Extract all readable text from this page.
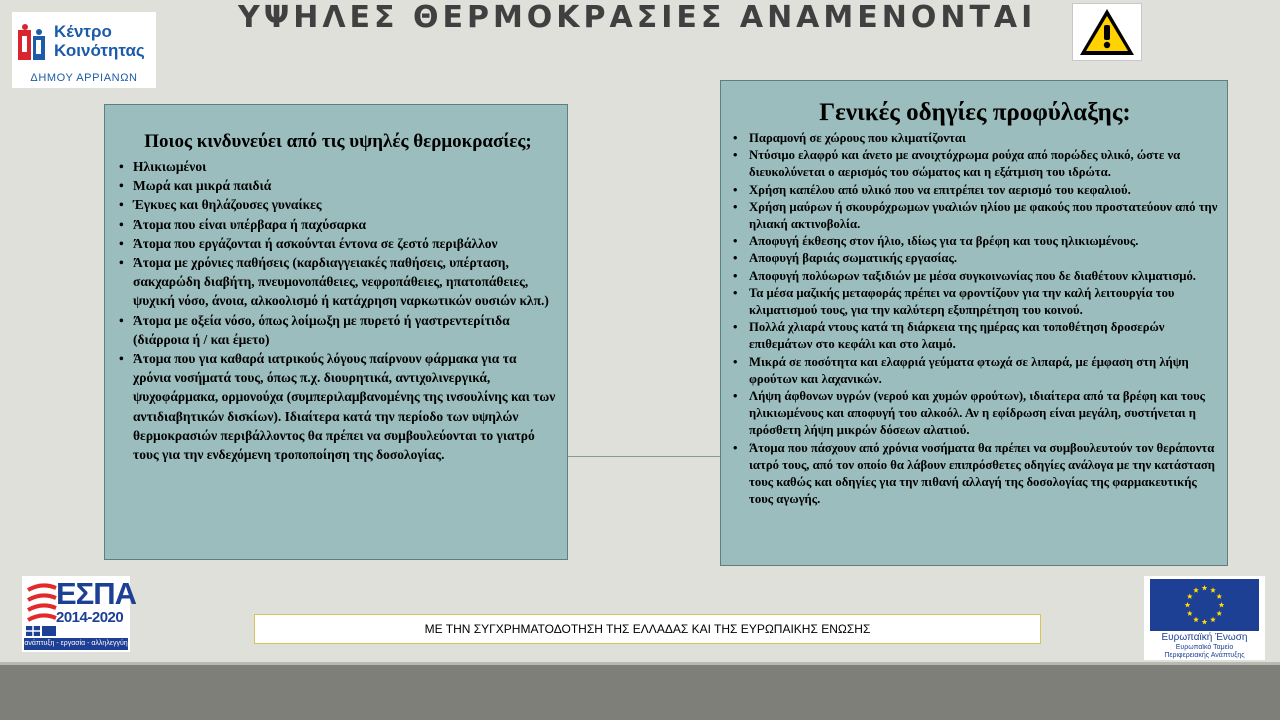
Κέντρο
Κοινότητας
ΔΗΜΟΥ ΑΡΡΙΑΝΩΝ
ΥΨΗΛΕΣ ΘΕΡΜΟΚΡΑΣΙΕΣ ΑΝΑΜΕΝΟΝΤΑΙ
Ποιος κινδυνεύει από τις υψηλές θερμοκρασίες;
• Ηλικιωμένοι
• Μωρά και μικρά παιδιά
• Έγκυες και θηλάζουσες γυναίκες
• Άτομα που είναι υπέρβαρα ή παχύσαρκα
• Άτομα που εργάζονται ή ασκούνται έντονα σε ζεστό περιβάλλον
• Άτομα με χρόνιες παθήσεις (καρδιαγγειακές παθήσεις, υπέρταση, σακχαρώδη διαβήτη, πνευμονοπάθειες, νεφροπάθειες, ηπατοπάθειες, ψυχική νόσο, άνοια, αλκοολισμό ή κατάχρηση ναρκωτικών ουσιών κλπ.)
• Άτομα με οξεία νόσο, όπως λοίμωξη με πυρετό ή γαστρεντερίτιδα (διάρροια ή / και έμετο)
• Άτομα που για καθαρά ιατρικούς λόγους παίρνουν φάρμακα για τα χρόνια νοσήματά τους, όπως π.χ. διουρητικά, αντιχολινεργικά, ψυχοφάρμακα, ορμονούχα (συμπεριλαμβανομένης της ινσουλίνης και των αντιδιαβητικών δισκίων). Ιδιαίτερα κατά την περίοδο των υψηλών θερμοκρασιών περιβάλλοντος θα πρέπει να συμβουλεύονται το γιατρό τους για την ενδεχόμενη τροποποίηση της δοσολογίας.
Γενικές οδηγίες προφύλαξης:
• Παραμονή σε χώρους που κλιματίζονται
• Ντύσιμο ελαφρύ και άνετο με ανοιχτόχρωμα ρούχα από πορώδες υλικό, ώστε να διευκολύνεται ο αερισμός του σώματος και η εξάτμιση του ιδρώτα.
• Χρήση καπέλου από υλικό που να επιτρέπει τον αερισμό του κεφαλιού.
• Χρήση μαύρων ή σκουρόχρωμων γυαλιών ηλίου με φακούς που προστατεύουν από την ηλιακή ακτινοβολία.
• Αποφυγή έκθεσης στον ήλιο, ιδίως για τα βρέφη και τους ηλικιωμένους.
• Αποφυγή βαριάς σωματικής εργασίας.
• Αποφυγή πολύωρων ταξιδιών με μέσα συγκοινωνίας που δε διαθέτουν κλιματισμό.
• Τα μέσα μαζικής μεταφοράς πρέπει να φροντίζουν για την καλή λειτουργία του κλιματισμού τους, για την καλύτερη εξυπηρέτηση του κοινού.
• Πολλά χλιαρά ντους κατά τη διάρκεια της ημέρας και τοποθέτηση δροσερών επιθεμάτων στο κεφάλι και στο λαιμό.
• Μικρά σε ποσότητα και ελαφριά γεύματα φτωχά σε λιπαρά, με έμφαση στη λήψη φρούτων και λαχανικών.
• Λήψη άφθονων υγρών (νερού και χυμών φρούτων), ιδιαίτερα από τα βρέφη και τους ηλικιωμένους και αποφυγή του αλκοόλ. Αν η εφίδρωση είναι μεγάλη, συστήνεται η πρόσθετη λήψη μικρών δόσεων αλατιού.
• Άτομα που πάσχουν από χρόνια νοσήματα θα πρέπει να συμβουλευτούν τον θεράποντα ιατρό τους, από τον οποίο θα λάβουν επιπρόσθετες οδηγίες ανάλογα με την κατάσταση τους καθώς και οδηγίες για την πιθανή αλλαγή της δοσολογίας της φαρμακευτικής τους αγωγής.
ΕΣΠΑ
2014-2020
ανάπτυξη - εργασία - αλληλεγγύη
ΜΕ ΤΗΝ ΣΥΓΧΡΗΜΑΤΟΔΟΤΗΣΗ ΤΗΣ ΕΛΛΑΔΑΣ ΚΑΙ ΤΗΣ ΕΥΡΩΠΑΙΚΗΣ ΕΝΩΣΗΣ
Ευρωπαϊκή Ένωση
Ευρωπαϊκό Ταμείο
Περιφερειακής Ανάπτυξης
